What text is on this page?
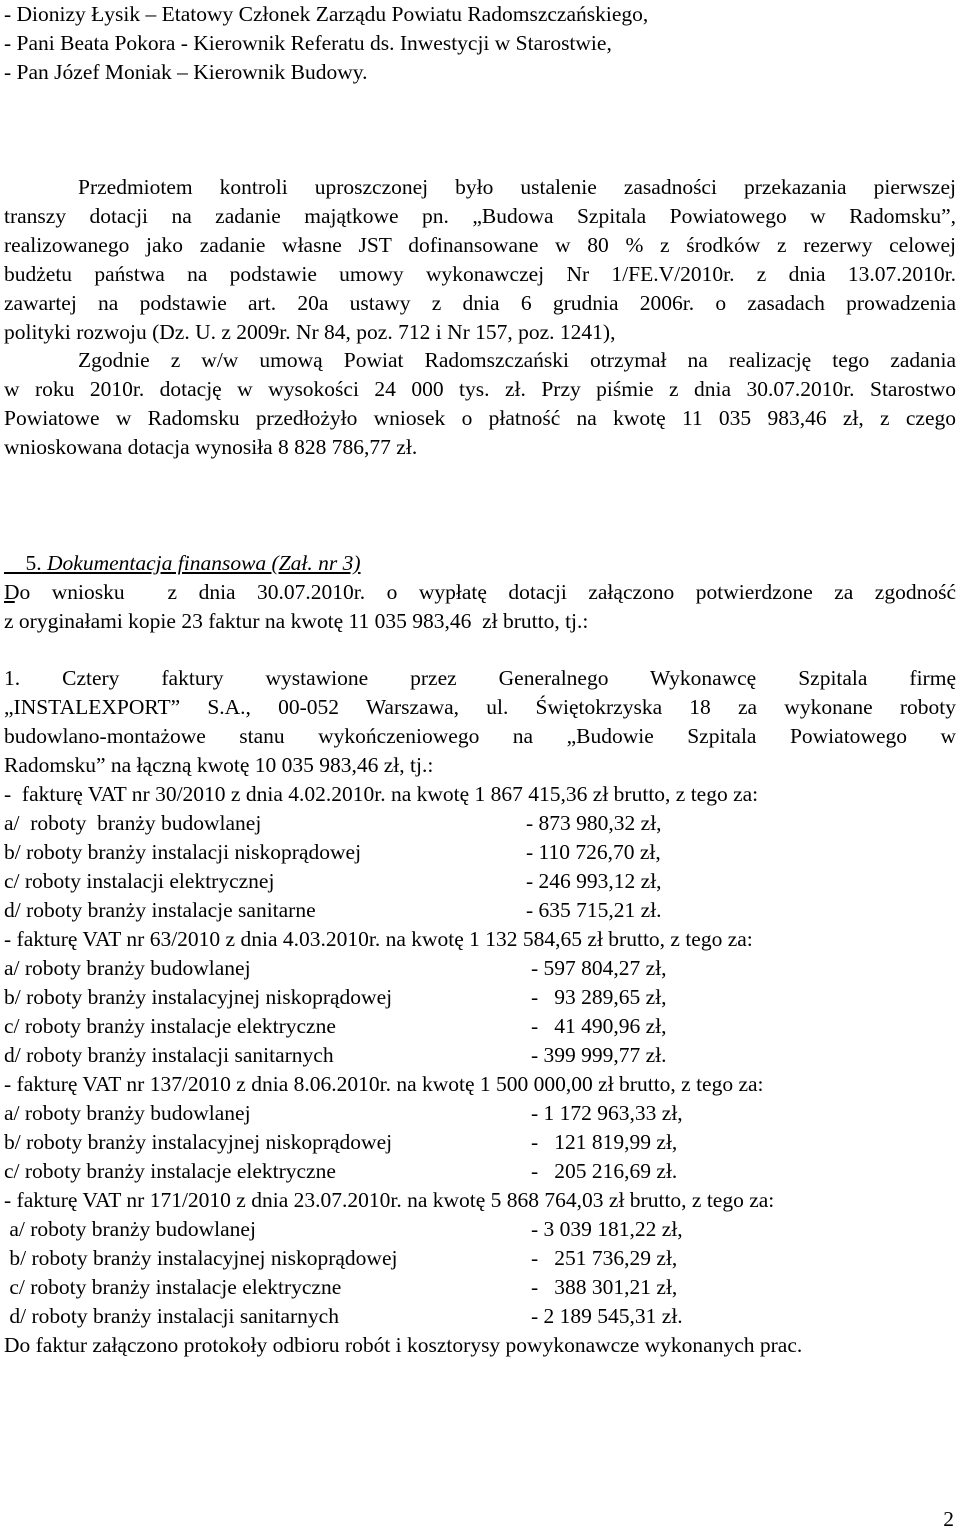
- Dionizy Łysik – Etatowy Członek Zarządu Powiatu Radomszczańskiego,
- Pani Beata Pokora - Kierownik Referatu ds. Inwestycji w Starostwie,
- Pan Józef Moniak – Kierownik Budowy.
Przedmiotem kontroli uproszczonej było ustalenie zasadności przekazania pierwszej
transzy dotacji na zadanie majątkowe pn. „Budowa Szpitala Powiatowego w Radomsku”,
realizowanego jako zadanie własne JST dofinansowane w 80 % z środków z rezerwy celowej
budżetu państwa na podstawie umowy wykonawczej Nr 1/FE.V/2010r. z dnia 13.07.2010r.
zawartej na podstawie art. 20a ustawy z dnia 6 grudnia 2006r. o zasadach prowadzenia
polityki rozwoju (Dz. U. z 2009r. Nr 84, poz. 712 i Nr 157, poz. 1241),
Zgodnie z w/w umową Powiat Radomszczański otrzymał na realizację tego zadania
w roku 2010r. dotację w wysokości 24 000 tys. zł. Przy piśmie z dnia 30.07.2010r. Starostwo
Powiatowe w Radomsku przedłożyło wniosek o płatność na kwotę 11 035 983,46 zł, z czego
wnioskowana dotacja wynosiła 8 828 786,77 zł.

5. Dokumentacja finansowa (Zał. nr 3)

Do wniosku  z dnia 30.07.2010r. o wypłatę dotacji załączono potwierdzone za zgodność
z oryginałami kopie 23 faktur na kwotę 11 035 983,46  zł brutto, tj.:
1. Cztery faktury wystawione przez Generalnego Wykonawcę Szpitala firmę
„INSTALEXPORT” S.A., 00-052 Warszawa, ul. Świętokrzyska 18 za wykonane roboty
budowlano-montażowe stanu wykończeniowego na „Budowie Szpitala Powiatowego w
Radomsku” na łączną kwotę 10 035 983,46 zł, tj.:
-  fakturę VAT nr 30/2010 z dnia 4.02.2010r. na kwotę 1 867 415,36 zł brutto, z tego za:
a/  roboty  branży budowlanej	- 873 980,32 zł,
b/ roboty branży instalacji niskoprądowej	- 110 726,70 zł,
c/ roboty instalacji elektrycznej	- 246 993,12 zł,
d/ roboty branży instalacje sanitarne	- 635 715,21 zł.
- fakturę VAT nr 63/2010 z dnia 4.03.2010r. na kwotę 1 132 584,65 zł brutto, z tego za:
a/ roboty branży budowlanej	- 597 804,27 zł,
b/ roboty branży instalacyjnej niskoprądowej	-   93 289,65 zł,
c/ roboty branży instalacje elektryczne	-   41 490,96 zł,
d/ roboty branży instalacji sanitarnych	- 399 999,77 zł.
- fakturę VAT nr 137/2010 z dnia 8.06.2010r. na kwotę 1 500 000,00 zł brutto, z tego za:
a/ roboty branży budowlanej	- 1 172 963,33 zł,
b/ roboty branży instalacyjnej niskoprądowej	-   121 819,99 zł,
c/ roboty branży instalacje elektryczne	-   205 216,69 zł.
- fakturę VAT nr 171/2010 z dnia 23.07.2010r. na kwotę 5 868 764,03 zł brutto, z tego za:
a/ roboty branży budowlanej	- 3 039 181,22 zł,
b/ roboty branży instalacyjnej niskoprądowej	-   251 736,29 zł,
c/ roboty branży instalacje elektryczne	-   388 301,21 zł,
d/ roboty branży instalacji sanitarnych	- 2 189 545,31 zł.
Do faktur załączono protokoły odbioru robót i kosztorysy powykonawcze wykonanych prac.
2
